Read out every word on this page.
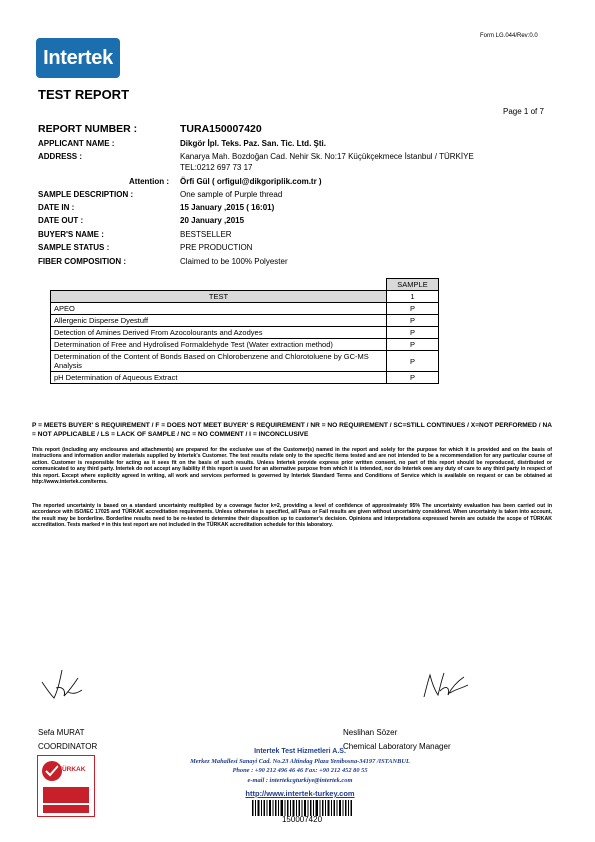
Form LG.044/Rev:0.0
Intertek
TEST REPORT
Page 1 of 7
REPORT NUMBER :	TURA150007420
APPLICANT NAME :	Dikgör İpl. Teks. Paz. San. Tic. Ltd. Şti.
ADDRESS :	Kanarya Mah. Bozdoğan Cad. Nehir Sk. No:17 Küçükçekmece İstanbul / TÜRKİYE
TEL:0212 697 73 17
Attention : Örfi Gül ( orfigul@dikgoriplik.com.tr )
SAMPLE DESCRIPTION :	One sample of Purple thread
DATE IN :	15 January ,2015 ( 16:01)
DATE OUT :	20 January ,2015
BUYER'S NAME :	BESTSELLER
SAMPLE STATUS :	PRE PRODUCTION
FIBER COMPOSITION :	Claimed to be 100% Polyester
	SAMPLE
TEST	1
APEO	P
Allergenic Disperse Dyestuff	P
Detection of Amines Derived From Azocolourants and Azodyes	P
Determination of Free and Hydrolised Formaldehyde Test (Water extraction method)	P
Determination of the Content of Bonds Based on Chlorobenzene and Chlorotoluene by GC-MS Analysis	P
pH Determination of Aqueous Extract	P
P = MEETS BUYER' S REQUIREMENT / F = DOES NOT MEET BUYER' S REQUIREMENT / NR = NO REQUIREMENT / SC=STILL CONTINUES / X=NOT PERFORMED / NA = NOT APPLICABLE / LS = LACK OF SAMPLE / NC = NO COMMENT / I = INCONCLUSIVE
This report (including any enclosures and attachments) are prepared for the exclusive use of the Customer(s) named in the report and solely for the purpose for which it is provided and on the basis of instructions and information and/or materials supplied by Intertek's Customer. The test results relate only to the specific items tested and are not intended to be a recommendation for any particular course of action. Customer is responsible for acting as it sees fit on the basis of such results. Unless Intertek provide express prior written consent, no part of this report should be reproduced, distributed or communicated to any third party. Intertek do not accept any liability if this report is used for an alternative purpose from which it is intended, nor do Intertek owe any duty of care to any third party in respect of this report. Except where explicitly agreed in writing, all work and services performed is governed by Intertek Standard Terms and Conditions of Service which is available on request or can be obtained at http://www.intertek.com/terms.
The reported uncertainty is based on a standard uncertainty multiplied by a coverage factor k=2, providing a level of confidence of approximately 95% The uncertainty evaluation has been carried out in accordance with ISO/IEC 17025 and TÜRKAK accreditation requirements. Unless otherwise is specified, all Pass or Fail results are given without uncertainty considered. When uncertainty is taken into account, the result may be borderline. Borderline results need to be re-tested to determine their disposition up to customer's decision. Opinions and interpretations expressed herein are outside the scope of TÜRKAK accreditation. Tests marked ≠ in this test report are not included in the TÜRKAK accreditation schedule for this laboratory.
Sefa MURAT
COORDINATOR
Neslihan Sözer
Chemical Laboratory Manager
TÜRKAK
Intertek Test Hizmetleri A.S.
Merkez Mahallesi Sanayi Cad. No.23 Altindag Plaza Yenibosna-34197 /ISTANBUL
Phone : +90 212 496 46 46 Fax: +90 212 452 80 55
e-mail : intertekcgturkiye@intertek.com
http://www.intertek-turkey.com
150007420
